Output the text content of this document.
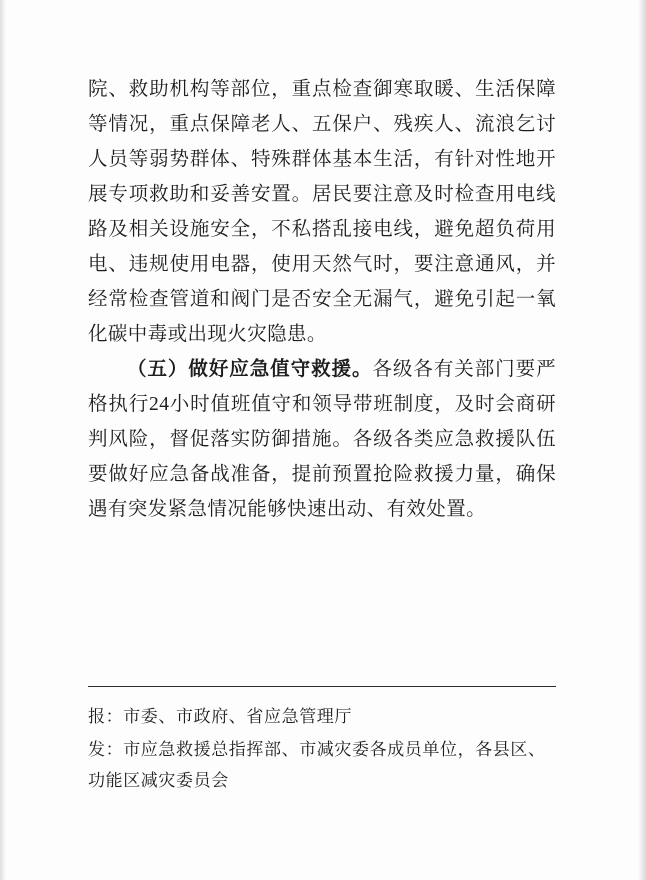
院、救助机构等部位，重点检查御寒取暖、生活保障等情况，重点保障老人、五保户、残疾人、流浪乞讨人员等弱势群体、特殊群体基本生活，有针对性地开展专项救助和妥善安置。居民要注意及时检查用电线路及相关设施安全，不私搭乱接电线，避免超负荷用电、违规使用电器，使用天然气时，要注意通风，并经常检查管道和阀门是否安全无漏气，避免引起一氧化碳中毒或出现火灾隐患。

（五）做好应急值守救援。各级各有关部门要严格执行24小时值班值守和领导带班制度，及时会商研判风险，督促落实防御措施。各级各类应急救援队伍要做好应急备战准备，提前预置抢险救援力量，确保遇有突发紧急情况能够快速出动、有效处置。

报：市委、市政府、省应急管理厅

发：市应急救援总指挥部、市减灾委各成员单位，各县区、功能区减灾委员会
